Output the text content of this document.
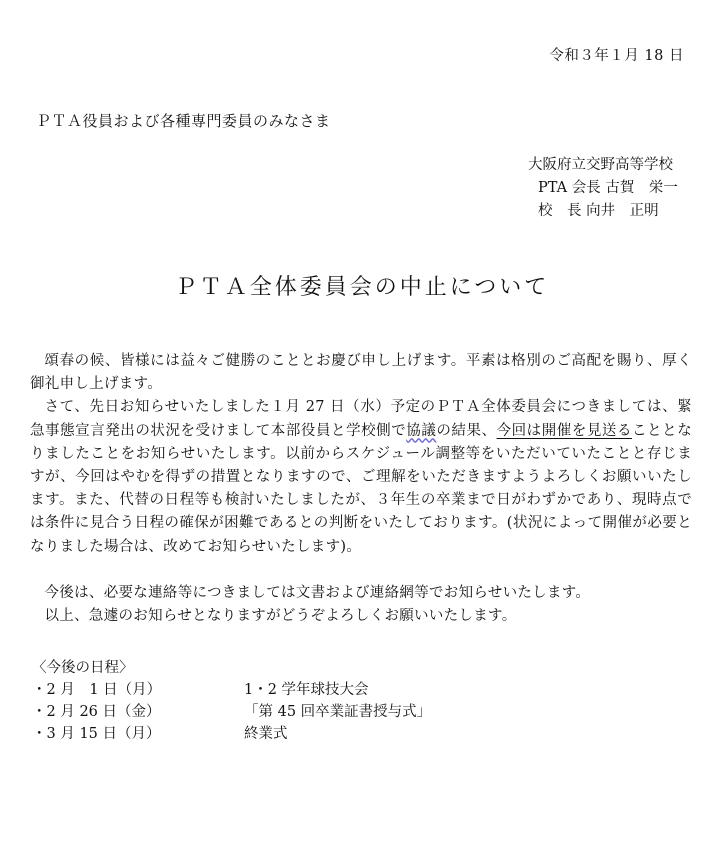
令和３年１月 18 日
ＰＴＡ役員および各種専門委員のみなさま
大阪府立交野高等学校
PTA 会長 古賀　栄一
校　長 向井　正明
ＰＴＡ全体委員会の中止について

頌春の候、皆様には益々ご健勝のこととお慶び申し上げます。平素は格別のご高配を賜り、厚く御礼申し上げます。

さて、先日お知らせいたしました１月 27 日（水）予定のＰＴＡ全体委員会につきましては、緊急事態宣言発出の状況を受けまして本部役員と学校側で協議の結果、今回は開催を見送ることとなりましたことをお知らせいたします。以前からスケジュール調整等をいただいていたことと存じますが、今回はやむを得ずの措置となりますので、ご理解をいただきますようよろしくお願いいたします。また、代替の日程等も検討いたしましたが、３年生の卒業まで日がわずかであり、現時点では条件に見合う日程の確保が困難であるとの判断をいたしております。(状況によって開催が必要となりました場合は、改めてお知らせいたします)。

今後は、必要な連絡等につきましては文書および連絡網等でお知らせいたします。

以上、急遽のお知らせとなりますがどうぞよろしくお願いいたします。

〈今後の日程〉
・2 月　1 日（月）	1・2 学年球技大会
・2 月 26 日（金）	「第 45 回卒業証書授与式」
・3 月 15 日（月）	終業式
